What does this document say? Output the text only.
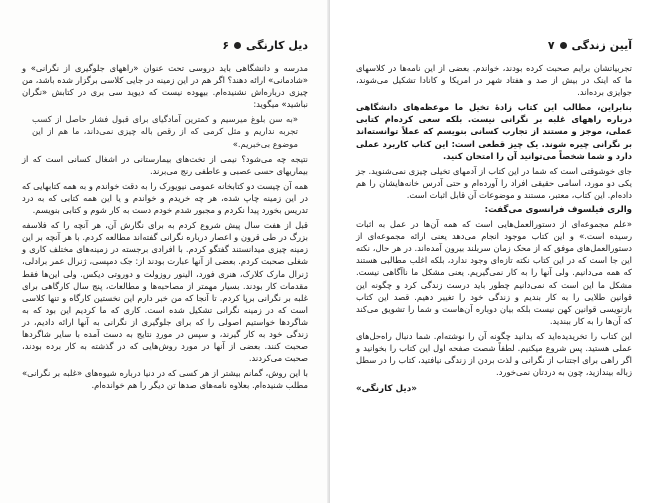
۶ دیل کارنگی

مدرسه و دانشگاهی باید دروسی تحت عنوان «راههای جلوگیری از نگرانی» و «شادمانی» ارائه دهند؟ اگر هم در این زمینه در جایی کلاسی برگزار شده باشد، من چیزی درباره‌اش نشنیده‌ام. بیهوده نیست که دیوید سی بری در کتابش «نگران نباشید» میگوید:

«به سن بلوغ میرسیم و کمترین آمادگیای برای قبول فشار حاصل از کسب تجربه نداریم و مثل کرمی که از رقص باله چیزی نمی‌داند، ما هم از این موضوع بی‌خبریم.»

نتیجه چه می‌شود؟ نیمی از تخت‌های بیمارستانی در اشغال کسانی است که از بیماریهای حسی عصبی و عاطفی رنج می‌برند.

همه آن چیست دو کتابخانه عمومی نیویورک را به دقت خواندم و به همه کتابهایی که در این زمینه چاپ شده، هر چه خریدم و خواندم و یا این همه کتابی که به درد تدریس بخورد پیدا نکردم و مجبور شدم خودم دست به کار شوم و کتابی بنویسم.

قبل از هفت سال پیش شروع کردم به برای نگارش آن، هر آنچه را که فلاسفه بزرگ در طی قرون و اعصار درباره نگرانی گفته‌اند مطالعه کردم. با هر آنچه بر این زمینه چیزی میدانستند گفتگو کردم. با افرادی برجسته در زمینه‌های مختلف کاری و شغلی صحبت کردم. بعضی از آنها عبارت بودند از: جک دمپسی، ژنرال عمر برادلی، ژنرال مارک کلارک، هنری فورد، الینور روزولت و دوروتی دیکس. ولی این‌ها فقط مقدمات کار بودند. بسیار مهمتر از مصاحبه‌ها و مطالعات، پنج سال کارگاهی برای غلبه بر نگرانی برپا کردم. تا آنجا که من خبر دارم این نخستین کارگاه و تنها کلاسی است که در زمینه نگرانی تشکیل شده است. کاری که ما کردیم این بود که به شاگردها خواستیم اصولی را که برای جلوگیری از نگرانی به آنها ارائه دادیم، در زندگی خود به کار گیرند، و سپس در موردِ نتایج به دست آمده با سایر شاگردها صحبت کنند. بعضی از آنها در مورد روش‌هایی که در گذشته به کار برده بودند، صحبت می‌کردند.

با این روش، گمانم بیشتر از هر کسی که در دنیا درباره شیوه‌های «غلبه بر نگرانی» مطلب شنیده‌ام. بعلاوه نامه‌های صدها تن دیگر را هم خوانده‌ام.

آیین زندگی
۷

تجربیاتشان برایم صحبت کرده بودند، خواندم. بعضی از این نامه‌ها در کلاسهای ما که اینک در بیش از صد و هفتاد شهر در امریکا و کانادا تشکیل می‌شوند، جوایزی برده‌اند.

بنابراین، مطالب این کتاب زادهٔ تخیل ما موعظه‌های دانشگاهی درباره راههای غلبه بر نگرانی نیست. بلکه سعی کرده‌ام کتابی عملی، موجز و مستند از تجارب کسانی بنویسم که عملاً توانسته‌اند بر نگرانی چیره شوند. یک چیز قطعی است: این کتاب کاربرد عملی دارد و شما شخصاً می‌توانید آن را امتحان کنید.

جای خوشوقتی است که شما در این کتاب از آدمهای تخیلی چیزی نمی‌شنوید. جز یکی دو مورد، اسامی حقیقی افراد را آورده‌ام و حتی آدرس خانه‌هایشان را هم داده‌ام. این کتاب، معتبر، مستند و موضوعات آن قابل اثبات است.

والری فیلسوف فرانسوی می‌گفت:

«علم مجموعه‌ای از دستورالعمل‌هایی است که همه آن‌ها در عمل به اثبات رسیده است.» و این کتاب موجود انجام می‌دهد یعنی ارائه مجموعه‌ای از دستورالعمل‌های موفق که از محک زمان سربلند بیرون آمده‌اند. در هر حال، نکته این جا است که در این کتاب نکته تازه‌ای وجود ندارد، بلکه اغلب مطالبی هستند که همه می‌دانیم. ولی آنها را به کار نمی‌گیریم. یعنی مشکل ما ناآگاهی نیست. مشکل ما این است که نمی‌دانیم چطور باید درست زندگی کرد و چگونه این قوانین طلایی را به کار بندیم و زندگی خود را تغییر دهیم. قصد این کتاب بازنویسی قوانین کهن نیست بلکه بیان دوباره آن‌هاست و شما را تشویق می‌کند که آن‌ها را به کار ببندید.

این کتاب را تخریدیده‌اید که بدانید چگونه آن را نوشته‌ام. شما دنبال راه‌حل‌های عملی هستید. پس شروع میکنیم. لطفاً شصت صفحه اول این کتاب را بخوانید و اگر راهی برای اجتناب از نگرانی و لذت بردن از زندگی نیافتید، کتاب را در سطل زباله بیندازید، چون به دردتان نمی‌خورد.

«دیل کارنگی»
